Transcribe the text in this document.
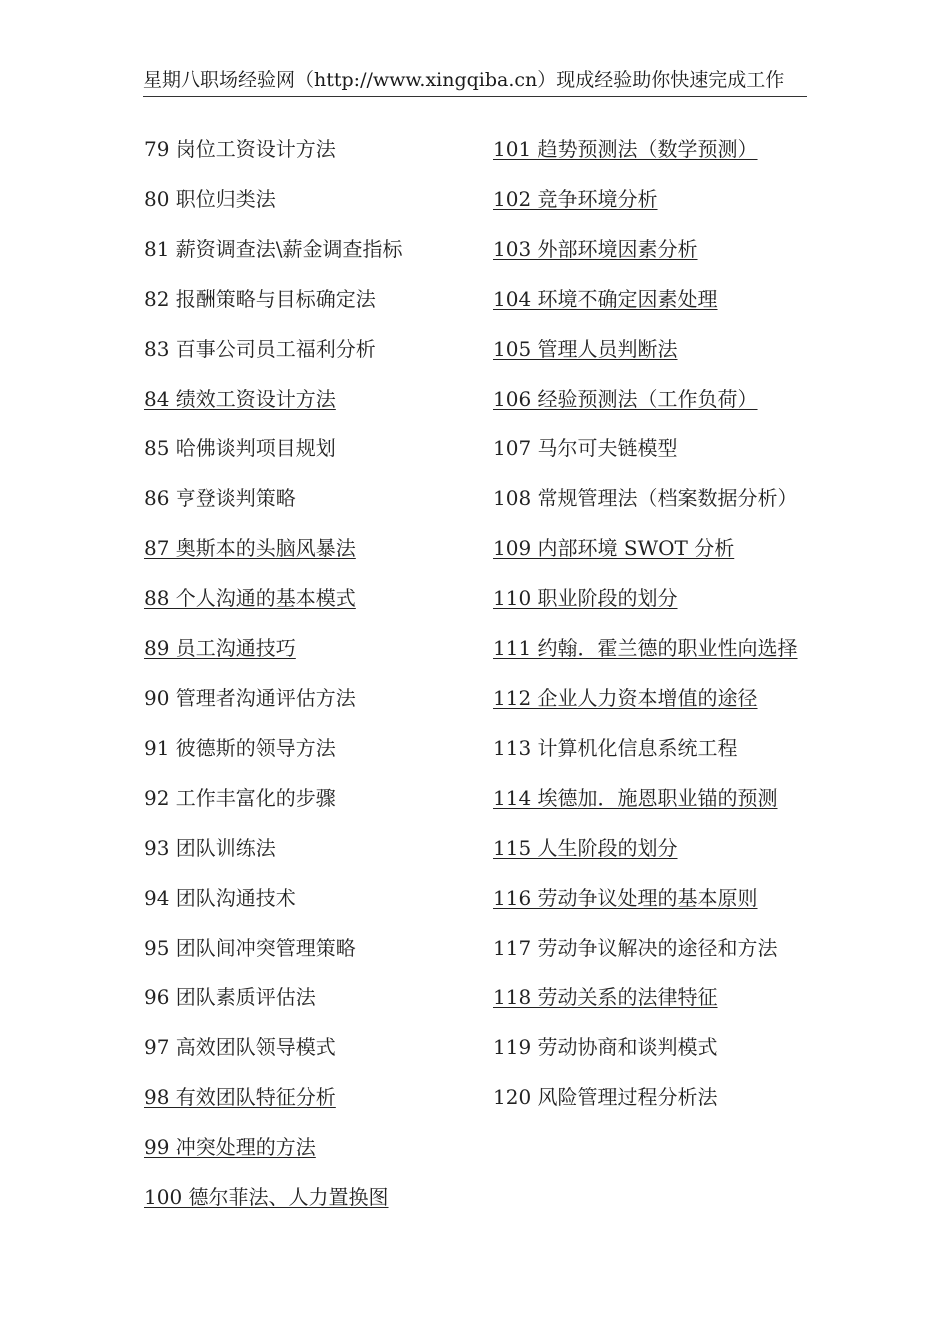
星期八职场经验网（http://www.xingqiba.cn）现成经验助你快速完成工作
79 岗位工资设计方法
80 职位归类法
81 薪资调查法\薪金调查指标
82 报酬策略与目标确定法
83 百事公司员工福利分析
84 绩效工资设计方法
85 哈佛谈判项目规划
86 亨登谈判策略
87 奥斯本的头脑风暴法
88 个人沟通的基本模式
89 员工沟通技巧
90 管理者沟通评估方法
91 彼德斯的领导方法
92 工作丰富化的步骤
93 团队训练法
94 团队沟通技术
95 团队间冲突管理策略
96 团队素质评估法
97 高效团队领导模式
98 有效团队特征分析
99 冲突处理的方法
100 德尔菲法、人力置换图
101 趋势预测法（数学预测）
102 竞争环境分析
103 外部环境因素分析
104 环境不确定因素处理
105 管理人员判断法
106 经验预测法（工作负荷）
107 马尔可夫链模型
108 常规管理法（档案数据分析）
109 内部环境 SWOT 分析
110 职业阶段的划分
111 约翰．霍兰德的职业性向选择
112 企业人力资本增值的途径
113 计算机化信息系统工程
114 埃德加．施恩职业锚的预测
115 人生阶段的划分
116 劳动争议处理的基本原则
117 劳动争议解决的途径和方法
118 劳动关系的法律特征
119 劳动协商和谈判模式
120 风险管理过程分析法
